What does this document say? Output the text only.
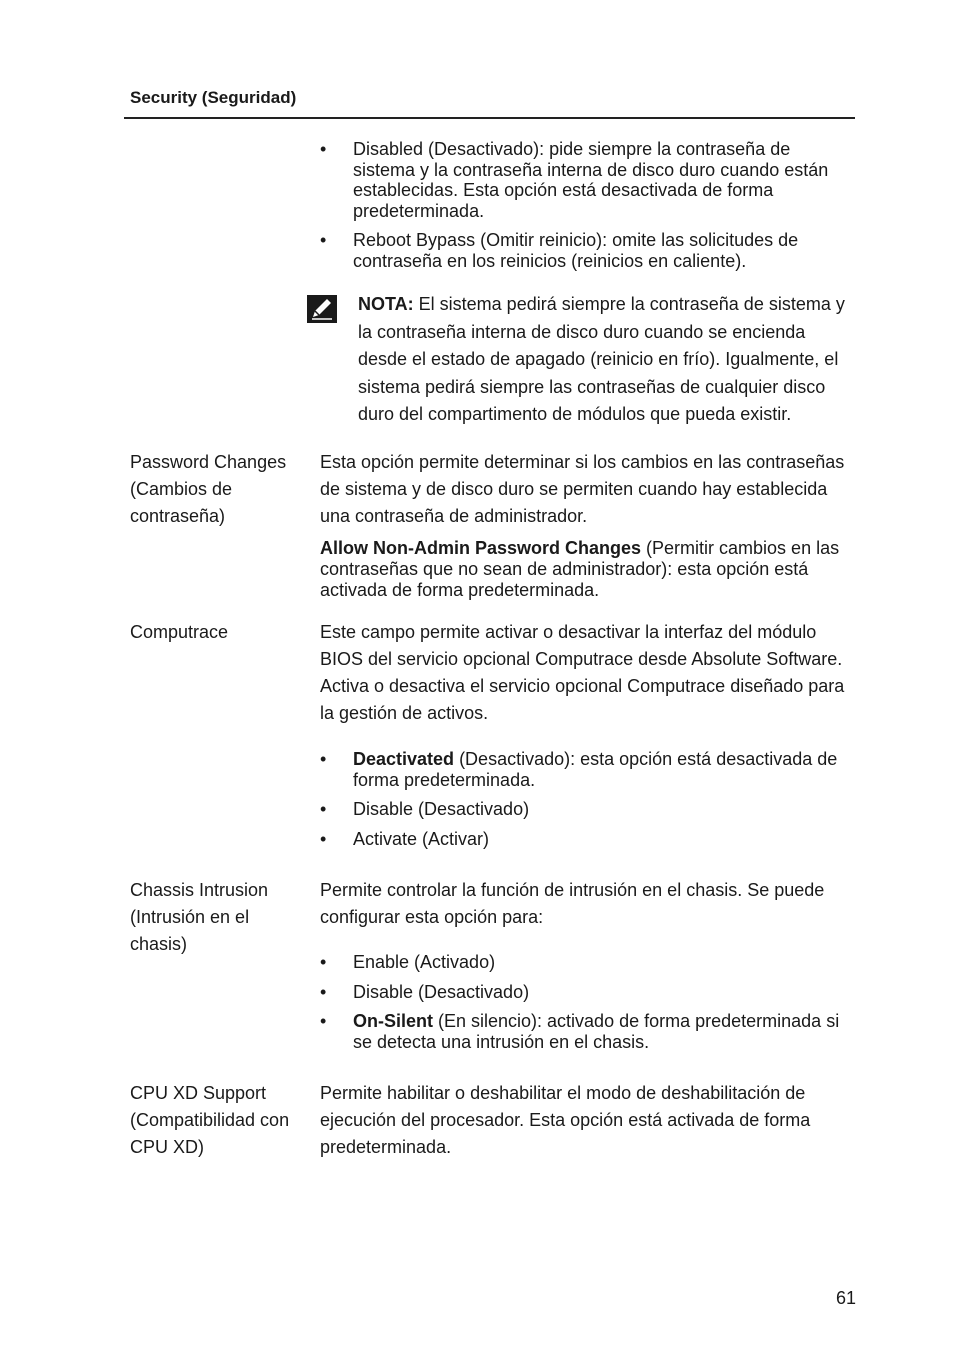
Security (Seguridad)
• Disabled (Desactivado): pide siempre la contraseña de sistema y la contraseña interna de disco duro cuando están establecidas. Esta opción está desactivada de forma predeterminada.
• Reboot Bypass (Omitir reinicio): omite las solicitudes de contraseña en los reinicios (reinicios en caliente).
NOTA: El sistema pedirá siempre la contraseña de sistema y la contraseña interna de disco duro cuando se encienda desde el estado de apagado (reinicio en frío). Igualmente, el sistema pedirá siempre las contraseñas de cualquier disco duro del compartimento de módulos que pueda existir.
Password Changes (Cambios de contraseña)
Esta opción permite determinar si los cambios en las contraseñas de sistema y de disco duro se permiten cuando hay establecida una contraseña de administrador.
Allow Non-Admin Password Changes (Permitir cambios en las contraseñas que no sean de administrador): esta opción está activada de forma predeterminada.
Computrace	Este campo permite activar o desactivar la interfaz del módulo BIOS del servicio opcional Computrace desde Absolute Software. Activa o desactiva el servicio opcional Computrace diseñado para la gestión de activos.
• Deactivated (Desactivado): esta opción está desactivada de forma predeterminada.
• Disable (Desactivado)
• Activate (Activar)
Chassis Intrusion (Intrusión en el chasis)
Permite controlar la función de intrusión en el chasis. Se puede configurar esta opción para:
• Enable (Activado)
• Disable (Desactivado)
• On-Silent (En silencio): activado de forma predeterminada si se detecta una intrusión en el chasis.
CPU XD Support (Compatibilidad con CPU XD)
Permite habilitar o deshabilitar el modo de deshabilitación de ejecución del procesador. Esta opción está activada de forma predeterminada.
61
